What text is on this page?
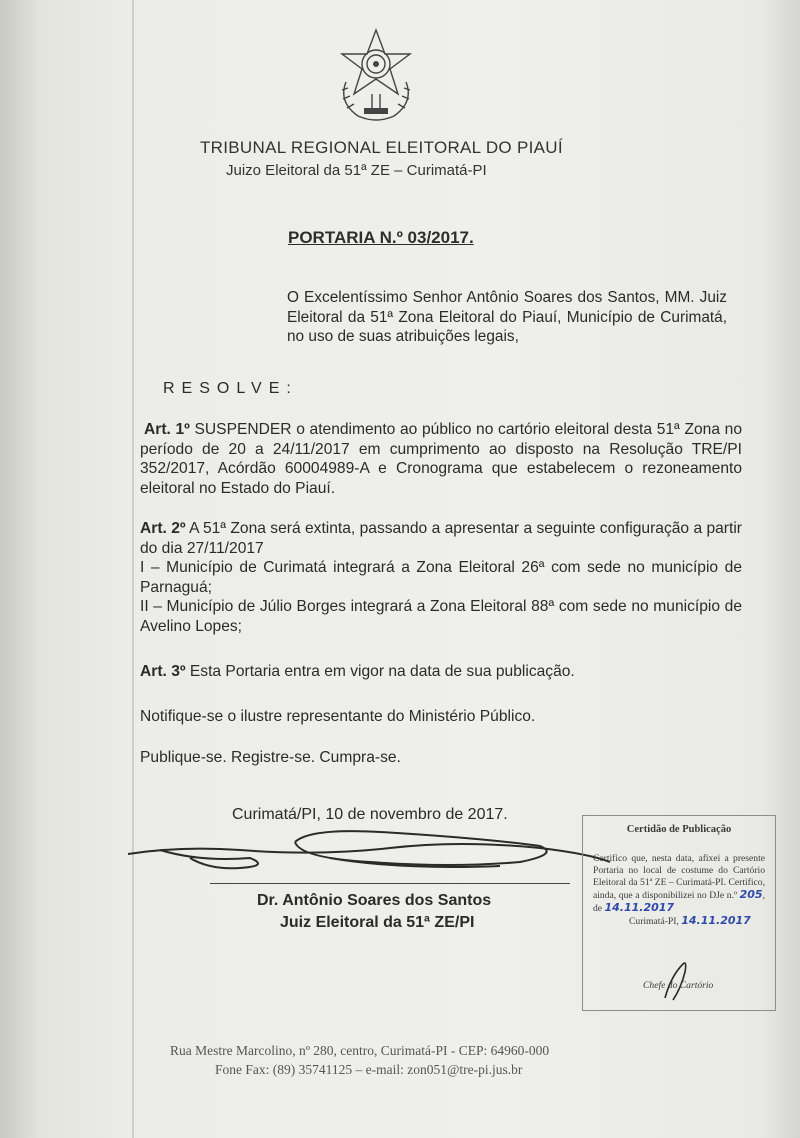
TRIBUNAL REGIONAL ELEITORAL DO PIAUÍ
Juizo Eleitoral da 51ª ZE – Curimatá-PI
PORTARIA N.º 03/2017.
O Excelentíssimo Senhor Antônio Soares dos Santos, MM. Juiz Eleitoral da 51ª Zona Eleitoral do Piauí, Município de Curimatá, no uso de suas atribuições legais,
RESOLVE:
Art. 1º SUSPENDER o atendimento ao público no cartório eleitoral desta 51ª Zona no período de 20 a 24/11/2017 em cumprimento ao disposto na Resolução TRE/PI 352/2017, Acórdão 60004989-A e Cronograma que estabelecem o rezoneamento eleitoral no Estado do Piauí.
Art. 2º A 51ª Zona será extinta, passando a apresentar a seguinte configuração a partir do dia 27/11/2017
I – Município de Curimatá integrará a Zona Eleitoral 26ª com sede no município de Parnaguá;
II – Município de Júlio Borges integrará a Zona Eleitoral 88ª com sede no município de Avelino Lopes;
Art. 3º Esta Portaria entra em vigor na data de sua publicação.
Notifique-se o ilustre representante do Ministério Público.
Publique-se. Registre-se. Cumpra-se.
Curimatá/PI, 10 de novembro de 2017.
Dr. Antônio Soares dos Santos
Juiz Eleitoral da 51ª ZE/PI
Certidão de Publicação
Certifico que, nesta data, afixei a presente Portaria no local de costume do Cartório Eleitoral da 51ª ZE – Curimatá-PI. Certifico, ainda, que a disponibilizei no DJe n.º 205, de 14.11.2017
Curimatá-PI, 14.11.2017
Chefe do Cartório
Rua Mestre Marcolino, nº 280, centro, Curimatá-PI - CEP: 64960-000
Fone Fax: (89) 35741125 – e-mail: zon051@tre-pi.jus.br
